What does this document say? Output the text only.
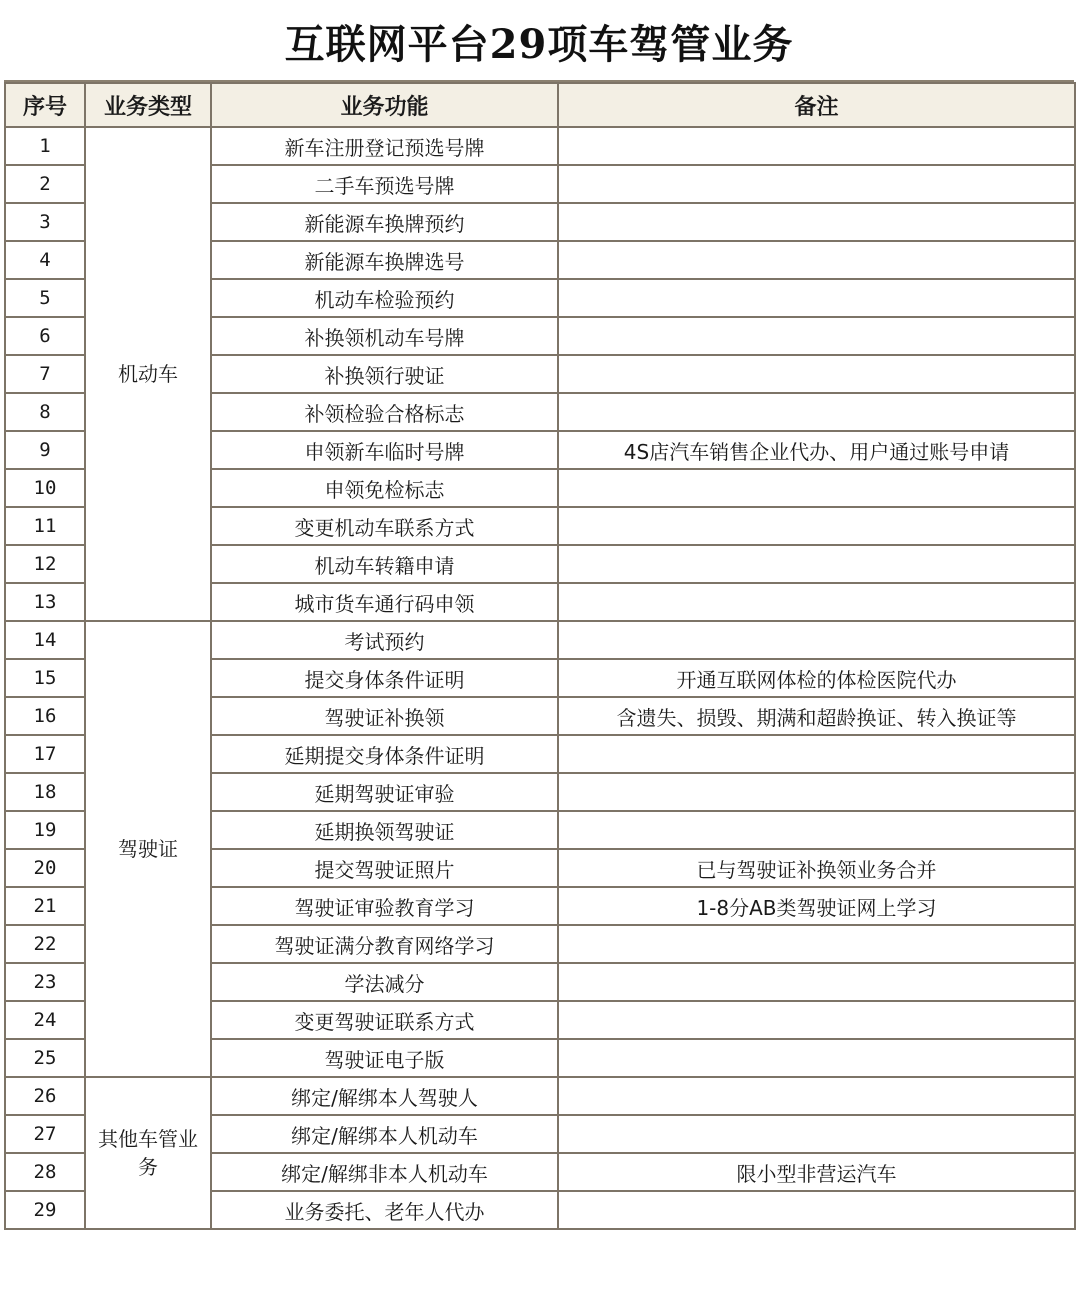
互联网平台29项车驾管业务
序号	业务类型	业务功能	备注
1	机动车	新车注册登记预选号牌	
2		二手车预选号牌	
3		新能源车换牌预约	
4		新能源车换牌选号	
5		机动车检验预约	
6		补换领机动车号牌	
7		补换领行驶证	
8		补领检验合格标志	
9		申领新车临时号牌	4S店汽车销售企业代办、用户通过账号申请
10		申领免检标志	
11		变更机动车联系方式	
12		机动车转籍申请	
13		城市货车通行码申领	
14	驾驶证	考试预约	
15		提交身体条件证明	开通互联网体检的体检医院代办
16		驾驶证补换领	含遗失、损毁、期满和超龄换证、转入换证等
17		延期提交身体条件证明	
18		延期驾驶证审验	
19		延期换领驾驶证	
20		提交驾驶证照片	已与驾驶证补换领业务合并
21		驾驶证审验教育学习	1-8分AB类驾驶证网上学习
22		驾驶证满分教育网络学习	
23		学法减分	
24		变更驾驶证联系方式	
25		驾驶证电子版	
26	其他车管业务	绑定/解绑本人驾驶人	
27		绑定/解绑本人机动车	
28		绑定/解绑非本人机动车	限小型非营运汽车
29		业务委托、老年人代办	
